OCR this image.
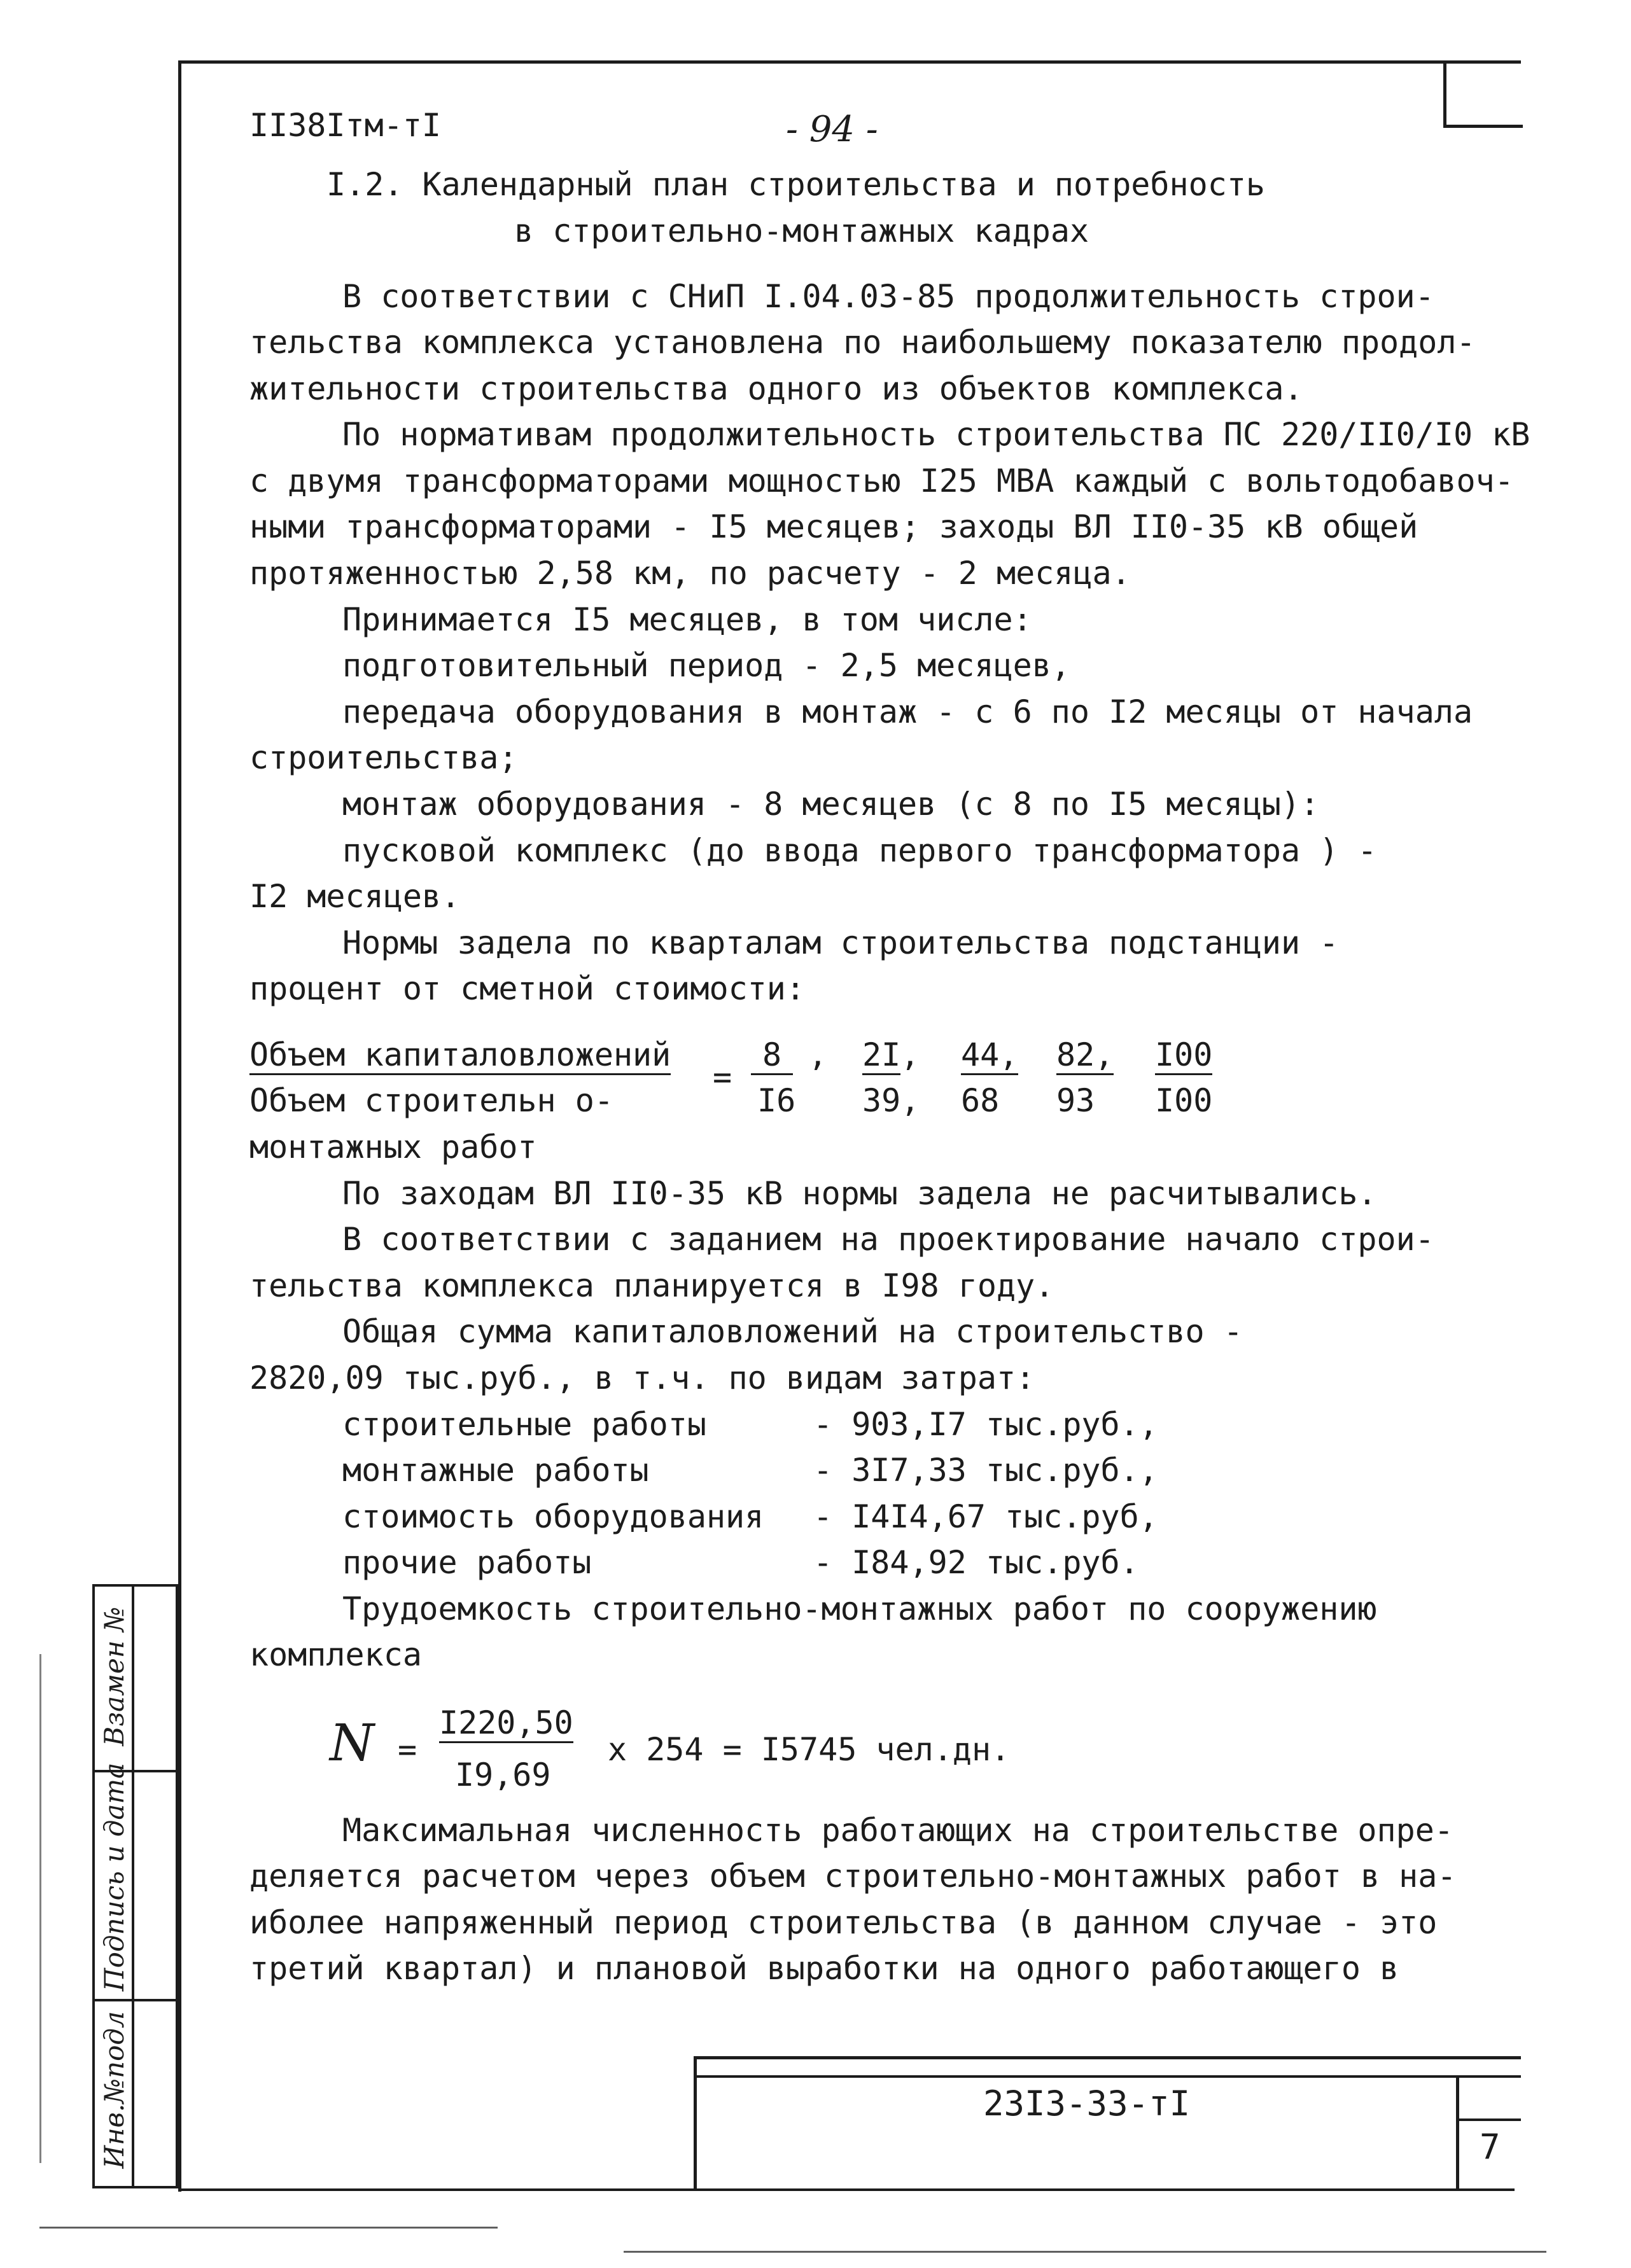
II38Iтм-тI	- 94 -
I.2. Календарный план строительства и потребность
в строительно-монтажных кадрах
В соответствии с СНиП I.04.03-85 продолжительность строи-
тельства комплекса установлена по наибольшему показателю продол-
жительности строительства одного из объектов комплекса.
По нормативам продолжительность строительства ПС 220/II0/I0 кВ
с двумя трансформаторами мощностью I25 МВА каждый с вольтодобавоч-
ными трансформаторами - I5 месяцев; заходы ВЛ II0-35 кВ общей
протяженностью 2,58 км, по расчету - 2 месяца.
Принимается I5 месяцев, в том числе:
подготовительный период - 2,5 месяцев,
передача оборудования в монтаж - с 6 по I2 месяцы от начала
строительства;
монтаж оборудования - 8 месяцев (с 8 по I5 месяцы):
пусковой комплекс (до ввода первого трансформатора ) -
I2 месяцев.
Нормы задела по кварталам строительства подстанции -
процент от сметной стоимости:
Объем капиталовложений
Объем строительн о-
монтажных работ
=
8 ,
I6
2I ,
39,
44 ,
68
82 ,
93
I00
I00
По заходам ВЛ II0-35 кВ нормы задела не расчитывались.
В соответствии с заданием на проектирование начало строи-
тельства комплекса планируется в I98 году.
Общая сумма капиталовложений на строительство -
2820,09 тыс.руб., в т.ч. по видам затрат:
строительные работы	- 903,I7 тыс.руб.,
монтажные работы	- 3I7,33 тыс.руб.,
стоимость оборудования - I4I4,67 тыс.руб,
прочие работы	- I84,92 тыс.руб.
Трудоемкость строительно-монтажных работ по сооружению
комплекса
N =
I220,50
I9,69
x 254 = I5745 чел.дн.
Максимальная численность работающих на строительстве опре-
деляется расчетом через объем строительно-монтажных работ в на-
иболее напряженный период строительства (в данном случае - это
третий квартал) и плановой выработки на одного работающего в
Взамен №
Подпись и дата
Инв.№подл	23I3-33-тI
7
